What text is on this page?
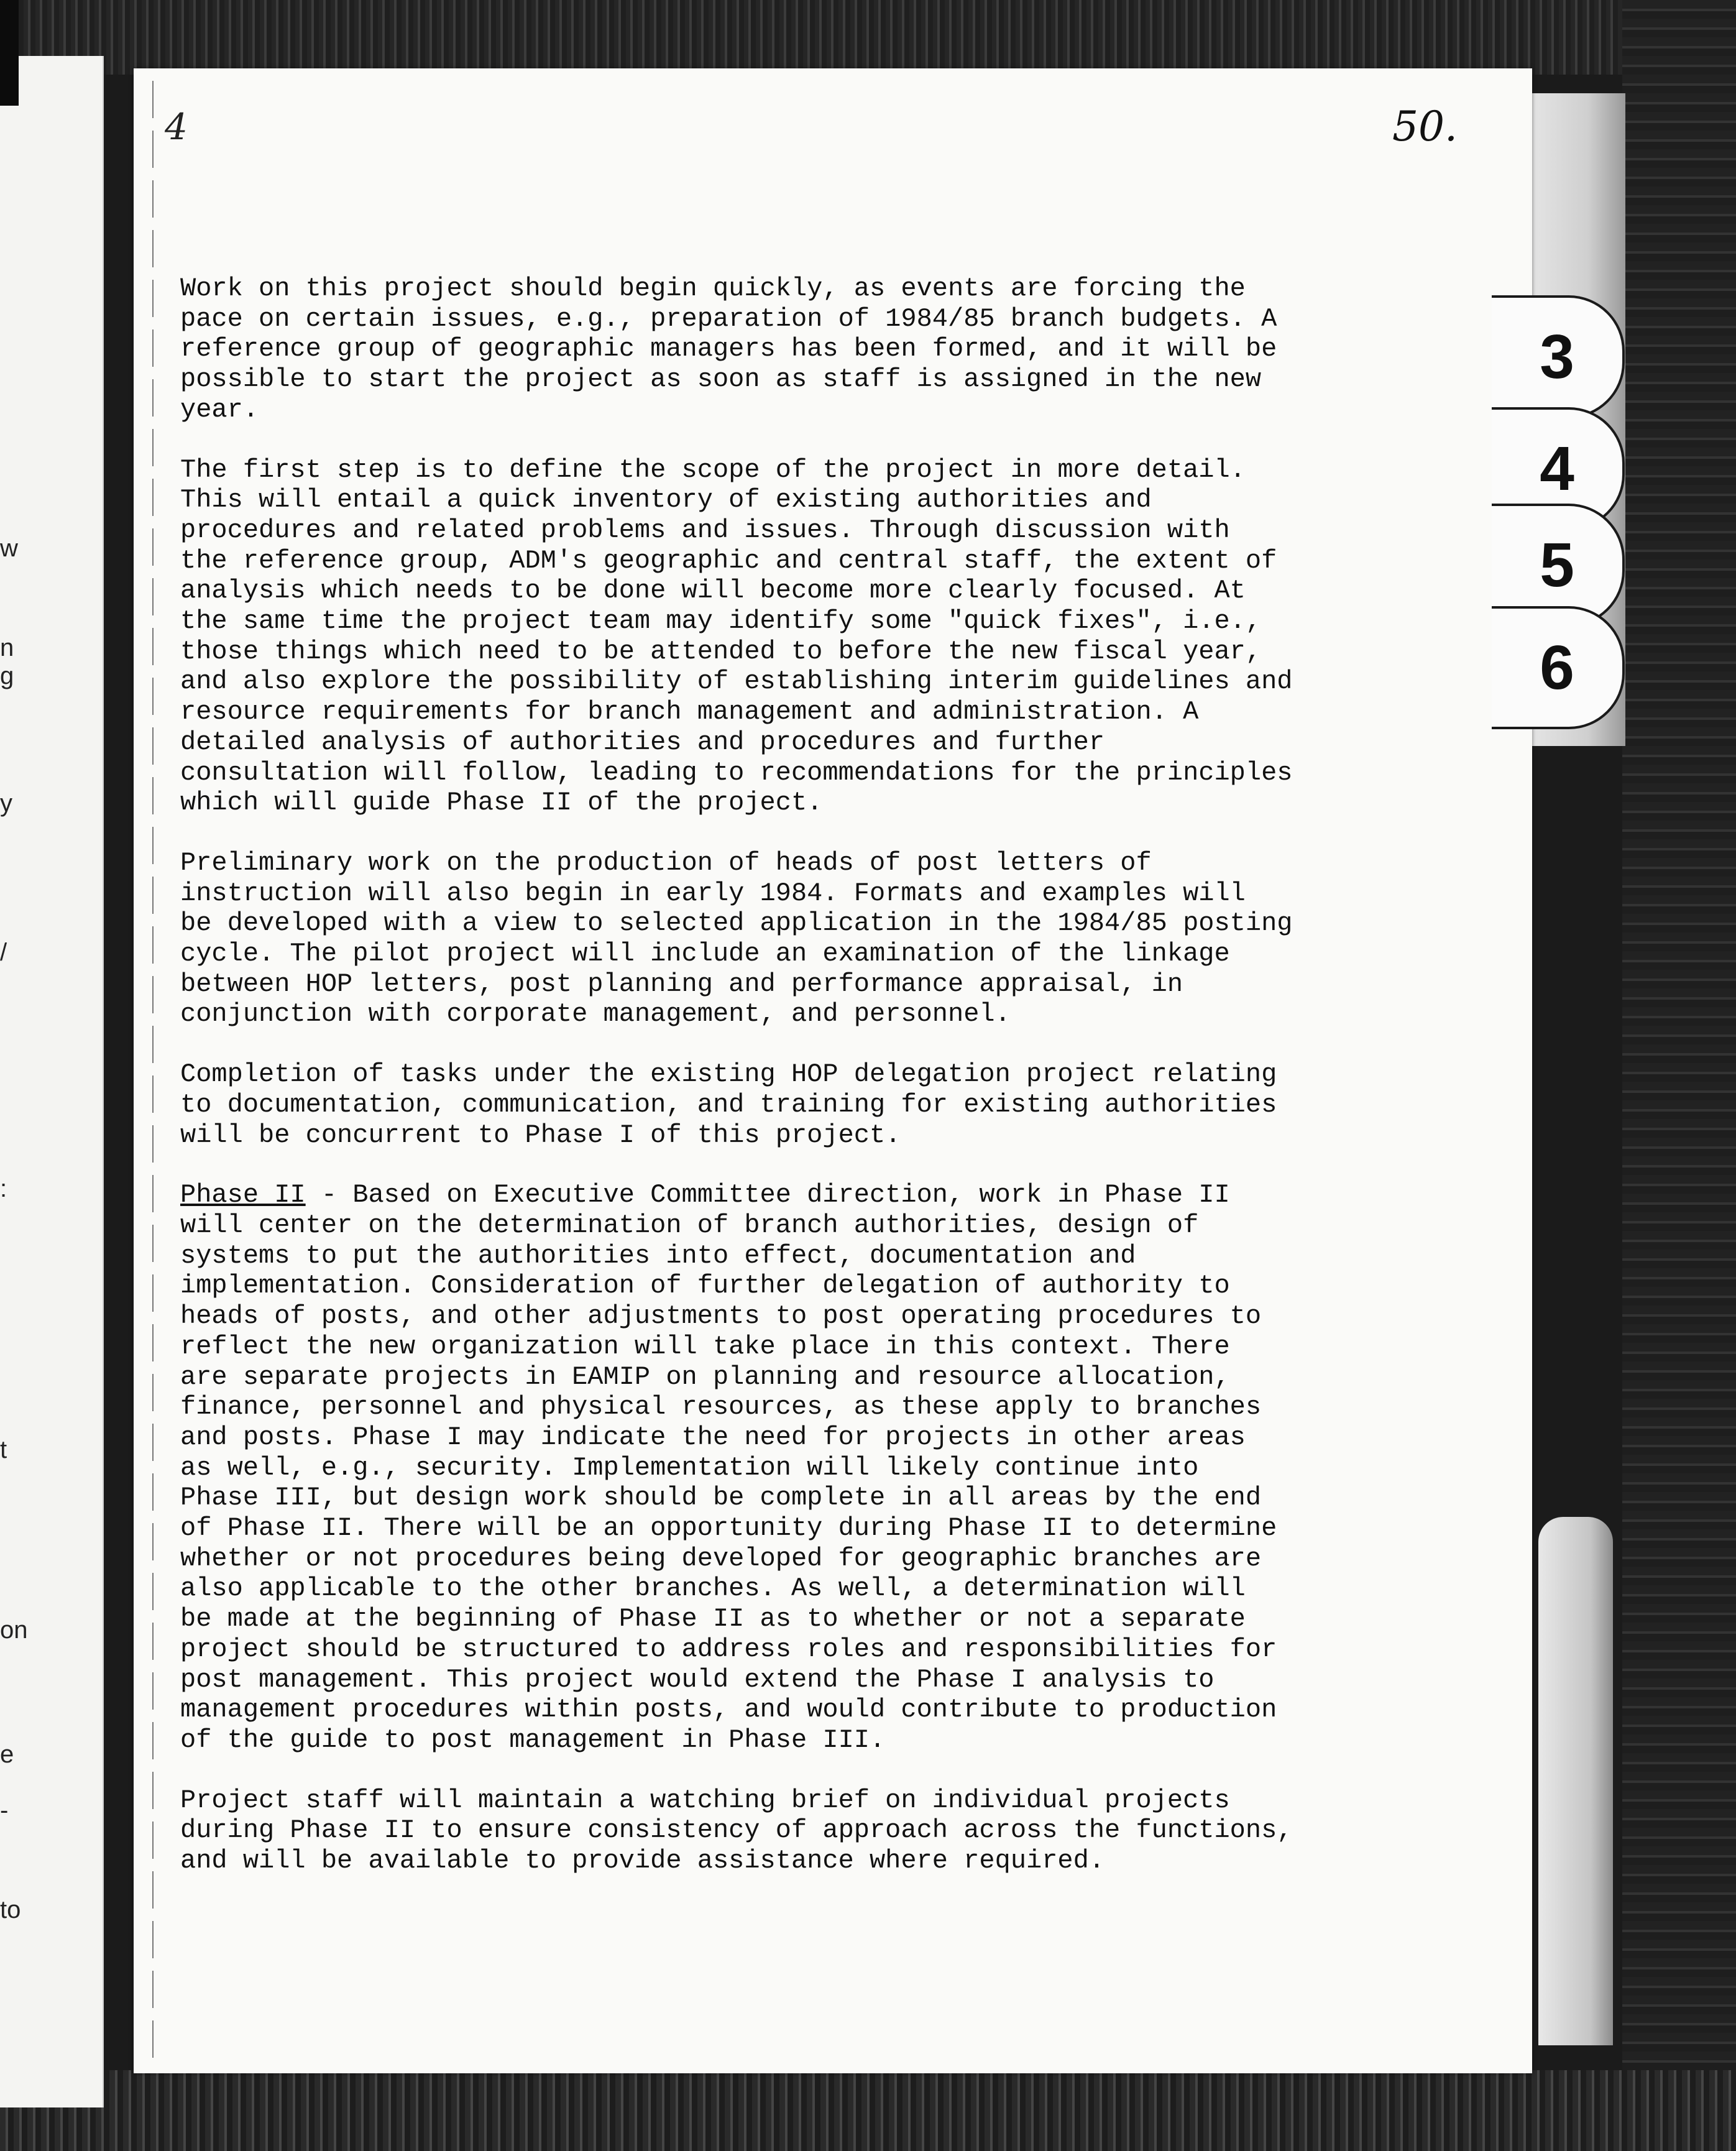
w
n
g
y
/
:
t
on
e
-
to
4	50.

Work on this project should begin quickly, as events are forcing the
pace on certain issues, e.g., preparation of 1984/85 branch budgets. A
reference group of geographic managers has been formed, and it will be
possible to start the project as soon as staff is assigned in the new
year.

The first step is to define the scope of the project in more detail.
This will entail a quick inventory of existing authorities and
procedures and related problems and issues. Through discussion with
the reference group, ADM's geographic and central staff, the extent of
analysis which needs to be done will become more clearly focused. At
the same time the project team may identify some "quick fixes", i.e.,
those things which need to be attended to before the new fiscal year,
and also explore the possibility of establishing interim guidelines and
resource requirements for branch management and administration. A
detailed analysis of authorities and procedures and further
consultation will follow, leading to recommendations for the principles
which will guide Phase II of the project.

Preliminary work on the production of heads of post letters of
instruction will also begin in early 1984. Formats and examples will
be developed with a view to selected application in the 1984/85 posting
cycle. The pilot project will include an examination of the linkage
between HOP letters, post planning and performance appraisal, in
conjunction with corporate management, and personnel.

Completion of tasks under the existing HOP delegation project relating
to documentation, communication, and training for existing authorities
will be concurrent to Phase I of this project.

Phase II - Based on Executive Committee direction, work in Phase II
will center on the determination of branch authorities, design of
systems to put the authorities into effect, documentation and
implementation. Consideration of further delegation of authority to
heads of posts, and other adjustments to post operating procedures to
reflect the new organization will take place in this context. There
are separate projects in EAMIP on planning and resource allocation,
finance, personnel and physical resources, as these apply to branches
and posts. Phase I may indicate the need for projects in other areas
as well, e.g., security. Implementation will likely continue into
Phase III, but design work should be complete in all areas by the end
of Phase II. There will be an opportunity during Phase II to determine
whether or not procedures being developed for geographic branches are
also applicable to the other branches. As well, a determination will
be made at the beginning of Phase II as to whether or not a separate
project should be structured to address roles and responsibilities for
post management. This project would extend the Phase I analysis to
management procedures within posts, and would contribute to production
of the guide to post management in Phase III.

Project staff will maintain a watching brief on individual projects
during Phase II to ensure consistency of approach across the functions,
and will be available to provide assistance where required.

3
4
5
6
